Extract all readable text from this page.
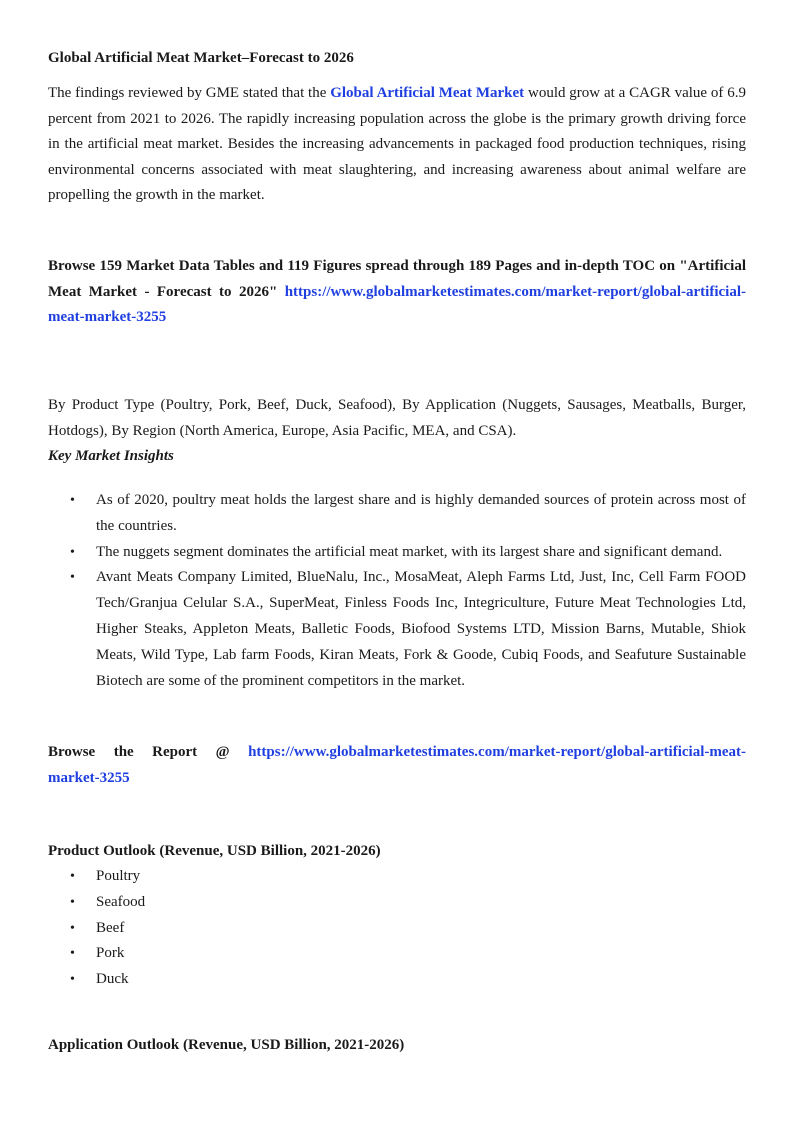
Global Artificial Meat Market–Forecast to 2026

The findings reviewed by GME stated that the Global Artificial Meat Market would grow at a CAGR value of 6.9 percent from 2021 to 2026. The rapidly increasing population across the globe is the primary growth driving force in the artificial meat market. Besides the increasing advancements in packaged food production techniques, rising environmental concerns associated with meat slaughtering, and increasing awareness about animal welfare are propelling the growth in the market.

Browse 159 Market Data Tables and 119 Figures spread through 189 Pages and in-depth TOC on "Artificial Meat Market - Forecast to 2026" https://www.globalmarketestimates.com/market-report/global-artificial-meat-market-3255

By Product Type (Poultry, Pork, Beef, Duck, Seafood), By Application (Nuggets, Sausages, Meatballs, Burger, Hotdogs), By Region (North America, Europe, Asia Pacific, MEA, and CSA).

Key Market Insights
• As of 2020, poultry meat holds the largest share and is highly demanded sources of protein across most of the countries.
• The nuggets segment dominates the artificial meat market, with its largest share and significant demand.
• Avant Meats Company Limited, BlueNalu, Inc., MosaMeat, Aleph Farms Ltd, Just, Inc, Cell Farm FOOD Tech/Granjua Celular S.A., SuperMeat, Finless Foods Inc, Integriculture, Future Meat Technologies Ltd, Higher Steaks, Appleton Meats, Balletic Foods, Biofood Systems LTD, Mission Barns, Mutable, Shiok Meats, Wild Type, Lab farm Foods, Kiran Meats, Fork & Goode, Cubiq Foods, and Seafuture Sustainable Biotech are some of the prominent competitors in the market.

Browse the Report @ https://www.globalmarketestimates.com/market-report/global-artificial-meat-market-3255

Product Outlook (Revenue, USD Billion, 2021-2026)
• Poultry
• Seafood
• Beef
• Pork
• Duck
Application Outlook (Revenue, USD Billion, 2021-2026)
